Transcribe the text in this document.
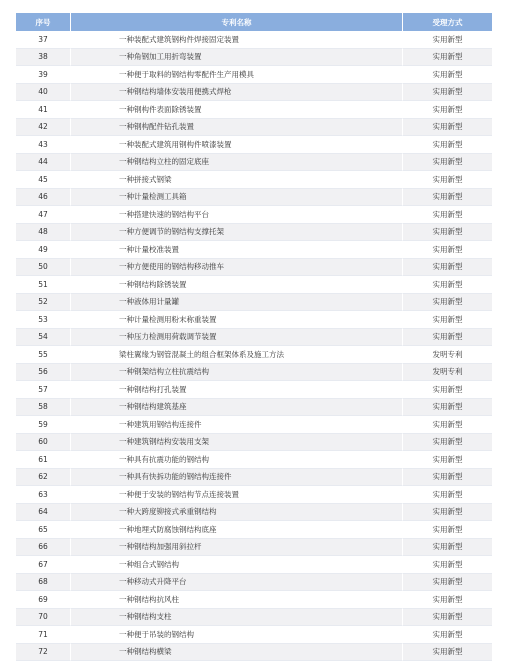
序号	专利名称	受理方式
37	一种装配式建筑钢构件焊接固定装置	实用新型
38	一种角钢加工用折弯装置	实用新型
39	一种便于取料的钢结构零配件生产用模具	实用新型
40	一种钢结构墙体安装用便携式焊枪	实用新型
41	一种钢构件表面除锈装置	实用新型
42	一种钢构配件钻孔装置	实用新型
43	一种装配式建筑用钢构件喷漆装置	实用新型
44	一种钢结构立柱的固定底座	实用新型
45	一种拼接式钢梁	实用新型
46	一种计量检测工具箱	实用新型
47	一种搭建快速的钢结构平台	实用新型
48	一种方便调节的钢结构支撑托架	实用新型
49	一种计量校准装置	实用新型
50	一种方便使用的钢结构移动推车	实用新型
51	一种钢结构除锈装置	实用新型
52	一种液体用计量罐	实用新型
53	一种计量检测用粉末称重装置	实用新型
54	一种压力检测用荷载调节装置	实用新型
55	梁柱翼缘为钢管混凝土的组合框架体系及施工方法	发明专利
56	一种钢架结构立柱抗震结构	发明专利
57	一种钢结构打孔装置	实用新型
58	一种钢结构建筑基座	实用新型
59	一种建筑用钢结构连接件	实用新型
60	一种建筑钢结构安装用支架	实用新型
61	一种具有抗震功能的钢结构	实用新型
62	一种具有快拆功能的钢结构连接件	实用新型
63	一种便于安装的钢结构节点连接装置	实用新型
64	一种大跨度铆接式承重钢结构	实用新型
65	一种地埋式防腐蚀钢结构底座	实用新型
66	一种钢结构加强用斜拉杆	实用新型
67	一种组合式钢结构	实用新型
68	一种移动式升降平台	实用新型
69	一种钢结构抗风柱	实用新型
70	一种钢结构支柱	实用新型
71	一种便于吊装的钢结构	实用新型
72	一种钢结构横梁	实用新型
